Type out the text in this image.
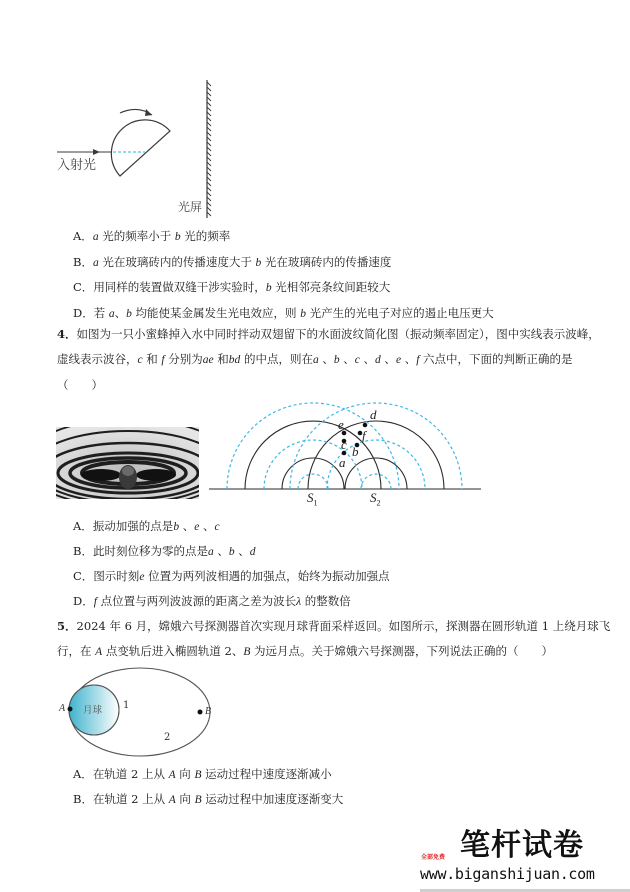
入射光
光屏
A．a 光的频率小于 b 光的频率
B．a 光在玻璃砖内的传播速度大于 b 光在玻璃砖内的传播速度
C．用同样的装置做双缝干涉实验时，b 光相邻亮条纹间距较大
D．若 a、b 均能使某金属发生光电效应，则 b 光产生的光电子对应的遏止电压更大
4．如图为一只小蜜蜂掉入水中同时拌动双翅留下的水面波纹简化图（振动频率固定），图中实线表示波峰，
虚线表示波谷，c 和 f 分别为ae 和bd 的中点，则在a 、b 、c 、d 、e 、f 六点中，下面的判断正确的是
（　　）
e
d
f
c b
a
$S_1$	$S_2$
A．振动加强的点是b 、e 、c
B．此时刻位移为零的点是a 、b 、d
C．图示时刻e 位置为两列波相遇的加强点，始终为振动加强点
D．f 点位置与两列波波源的距离之差为波长λ 的整数倍
5．2024 年 6 月，嫦娥六号探测器首次实现月球背面采样返回。如图所示，探测器在圆形轨道 1 上绕月球飞
行，在 A 点变轨后进入椭圆轨道 2、B 为远月点。关于嫦娥六号探测器，下列说法正确的（　　）
月球 1
2
A	B
A．在轨道 2 上从 A 向 B 运动过程中速度逐渐减小
B．在轨道 2 上从 A 向 B 运动过程中加速度逐渐变大
笔杆试卷
全部免费
www.biganshijuan.com
